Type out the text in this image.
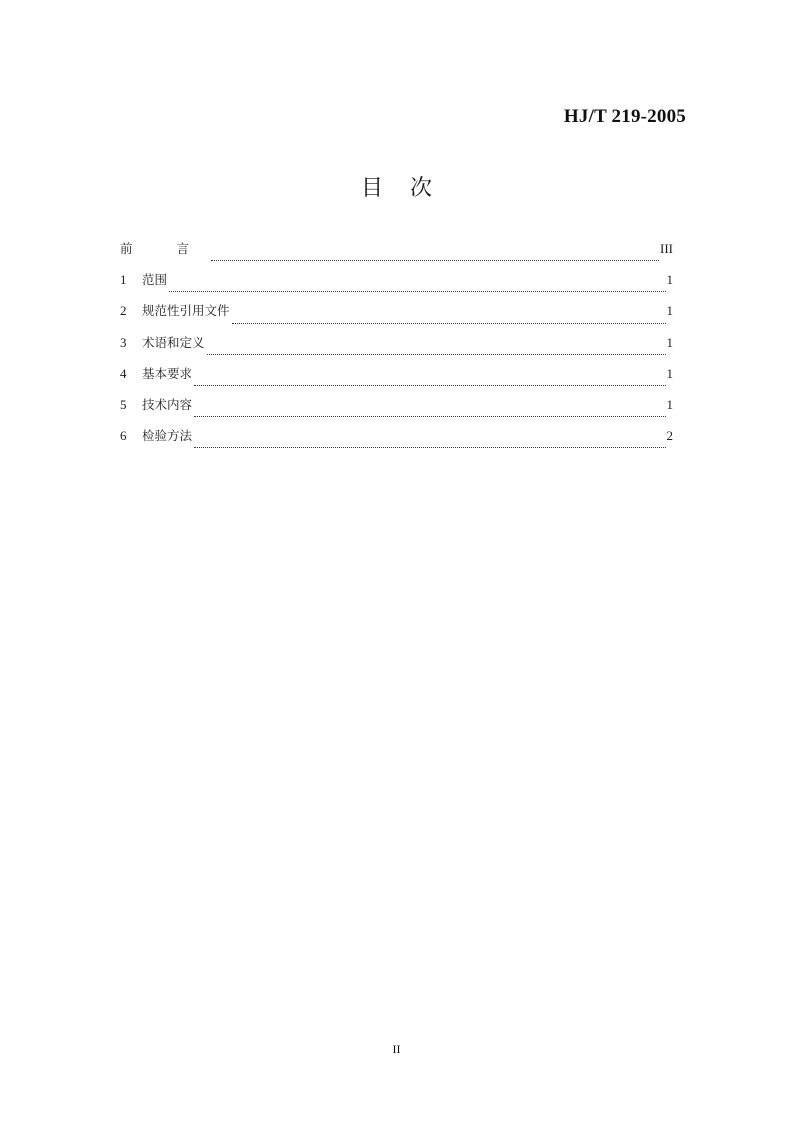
HJ/T 219-2005
目 次
前 言	III
1	范围	1
2	规范性引用文件	1
3	术语和定义	1
4	基本要求	1
5	技术内容	1
6	检验方法	2
II
